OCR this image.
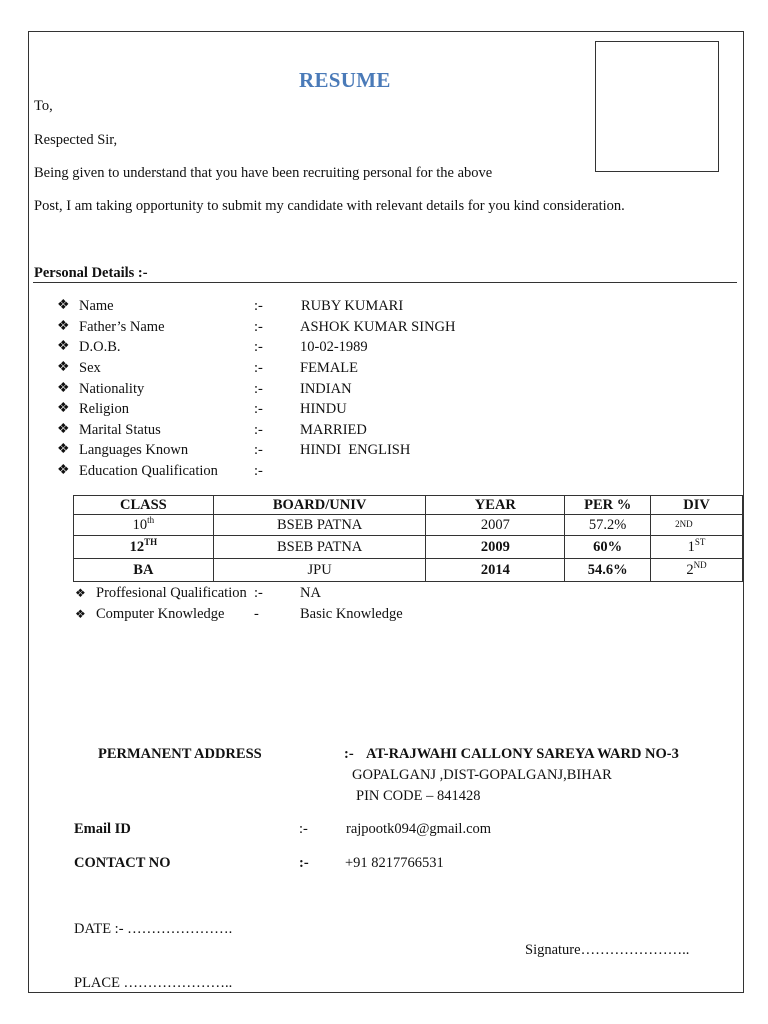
RESUME
To,
Respected Sir,
Being given to understand that you have been recruiting personal for the above
Post, I am taking opportunity to submit my candidate with relevant details for you kind consideration.
Personal Details :-
❖ Name	:-	RUBY KUMARI
❖ Father’s Name	:-	ASHOK KUMAR SINGH
❖ D.O.B.	:-	10-02-1989
❖ Sex	:-	FEMALE
❖ Nationality	:-	INDIAN
❖ Religion	:-	HINDU
❖ Marital Status	:-	MARRIED
❖ Languages Known	:-	HINDI  ENGLISH
❖ Education Qualification :-
CLASS	BOARD/UNIV	YEAR	PER %	DIV
10th	BSEB PATNA	2007	57.2%	$^{2ND}$
12TH	BSEB PATNA	2009	60%	1ST
BA	JPU	2014	54.6%	2ND
❖ Proffesional Qualification :-	NA
❖ Computer Knowledge -	Basic Knowledge
PERMANENT ADDRESS	:- AT-RAJWAHI CALLONY SAREYA WARD NO-3
GOPALGANJ ,DIST-GOPALGANJ,BIHAR
PIN CODE – 841428
Email ID	:-	rajpootk094@gmail.com
CONTACT NO	:-	+91 8217766531
DATE :- ………………….
Signature…………………..
PLACE …………………..
